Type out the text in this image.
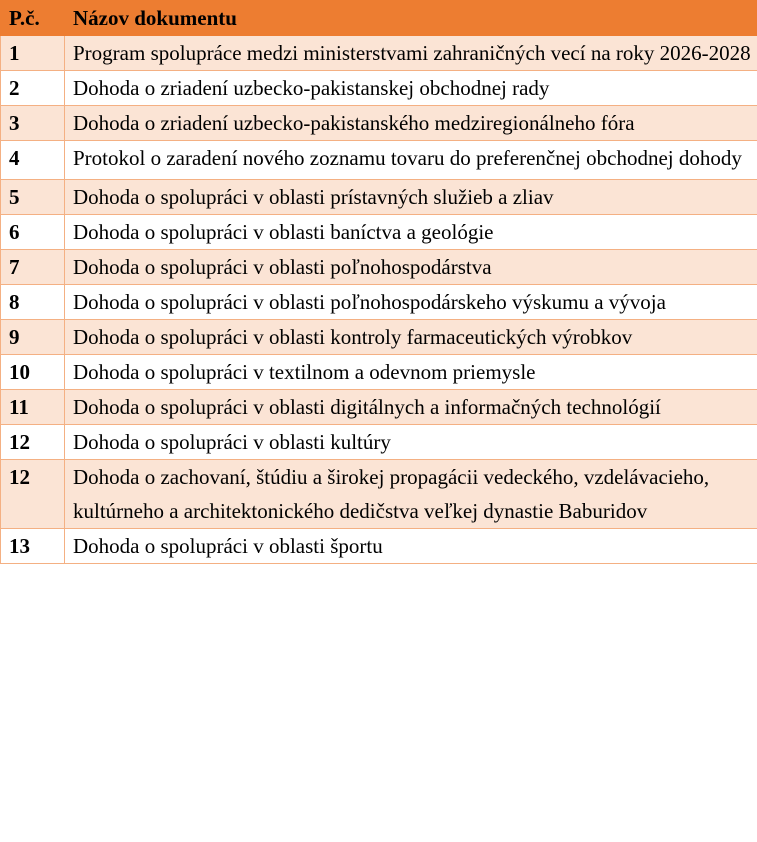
P.č.	Názov dokumentu
1	Program spolupráce medzi ministerstvami zahraničných vecí na roky 2026-2028
2	Dohoda o zriadení uzbecko-pakistanskej obchodnej rady
3	Dohoda o zriadení uzbecko-pakistanského medziregionálneho fóra
4	Protokol o zaradení nového zoznamu tovaru do preferenčnej obchodnej dohody
5	Dohoda o spolupráci v oblasti prístavných služieb a zliav
6	Dohoda o spolupráci v oblasti baníctva a geológie
7	Dohoda o spolupráci v oblasti poľnohospodárstva
8	Dohoda o spolupráci v oblasti poľnohospodárskeho výskumu a vývoja
9	Dohoda o spolupráci v oblasti kontroly farmaceutických výrobkov
10	Dohoda o spolupráci v textilnom a odevnom priemysle
11	Dohoda o spolupráci v oblasti digitálnych a informačných technológií
12	Dohoda o spolupráci v oblasti kultúry
12	Dohoda o zachovaní, štúdiu a širokej propagácii vedeckého, vzdelávacieho, kultúrneho a architektonického dedičstva veľkej dynastie Baburidov
13	Dohoda o spolupráci v oblasti športu
